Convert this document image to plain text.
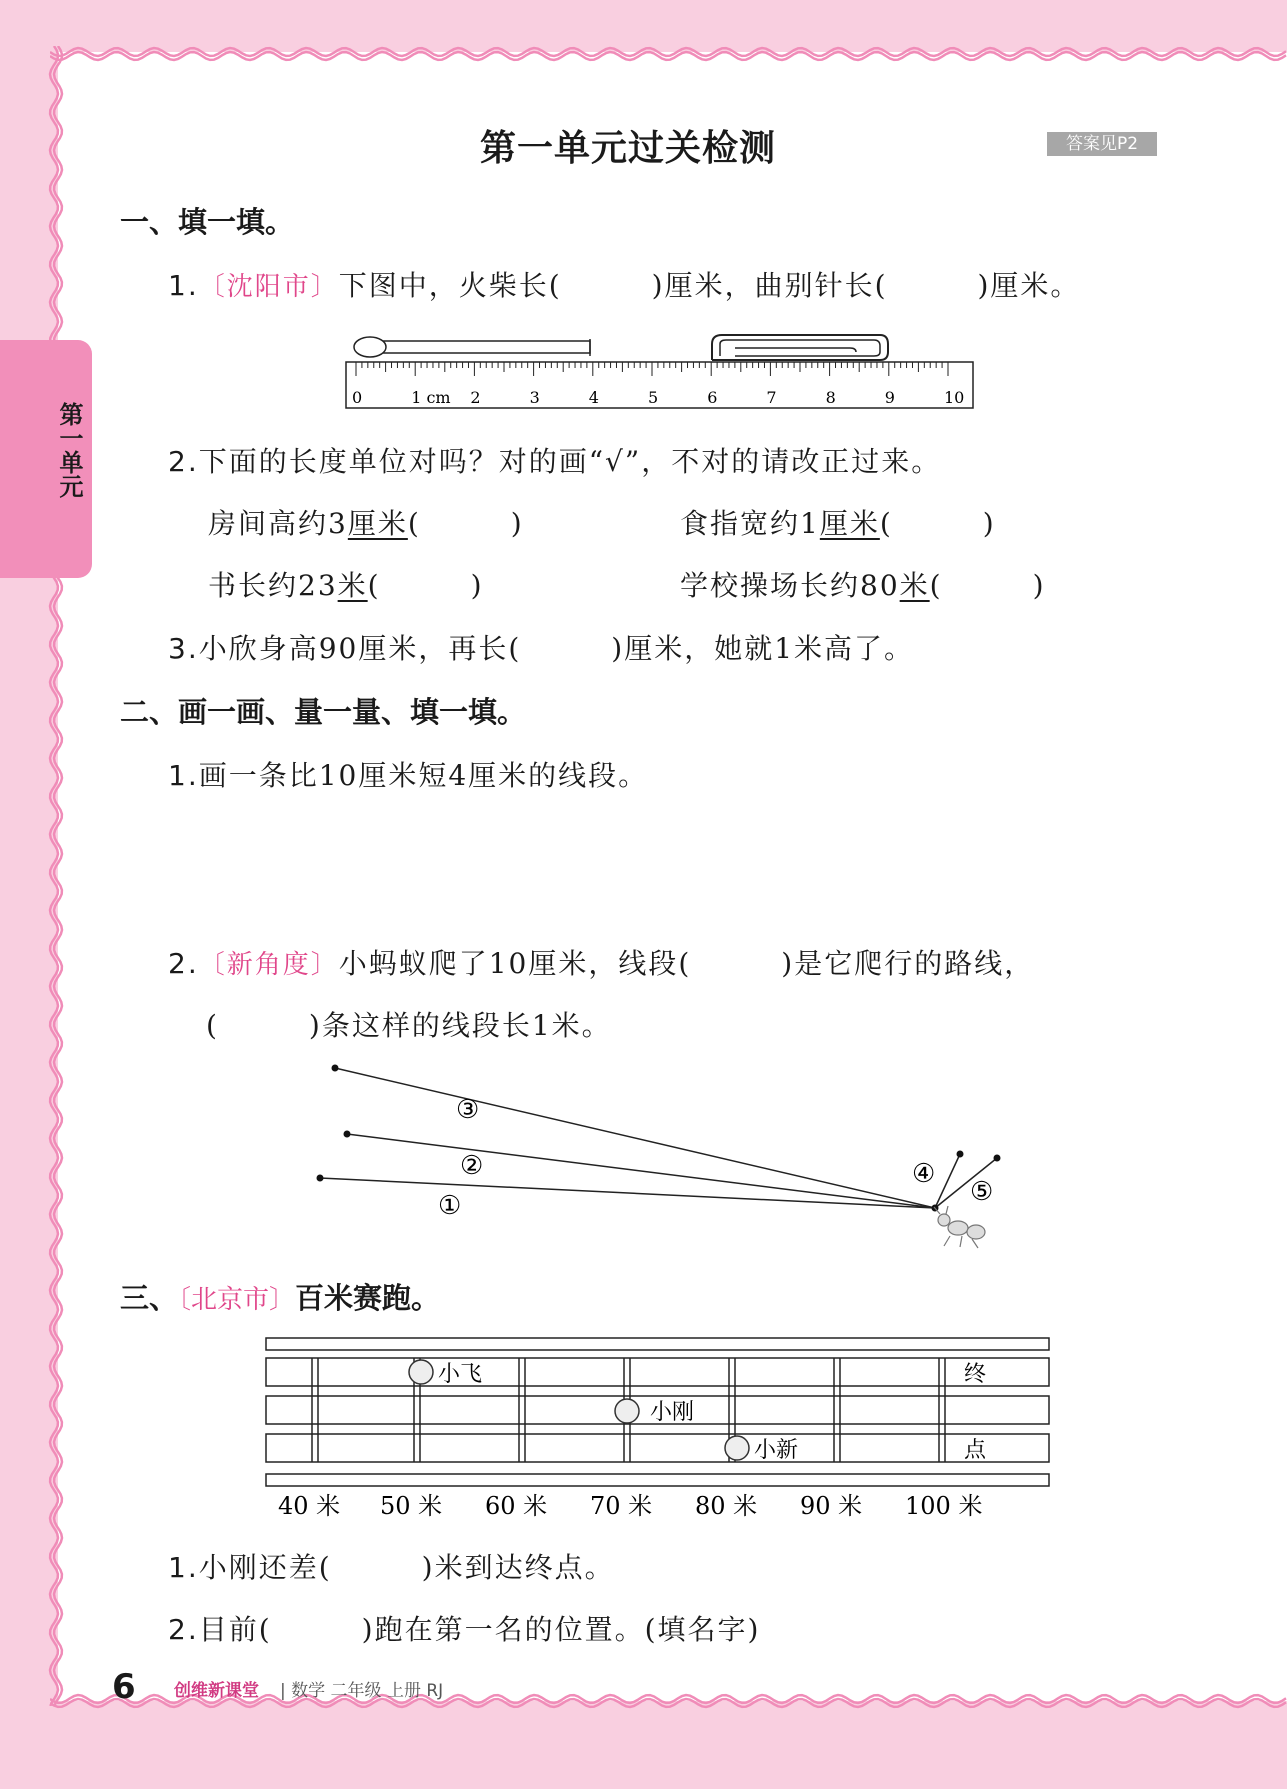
第一单元
第一单元过关检测	答案见P2
一、填一填。
1.〔沈阳市〕下图中，火柴长(　　　)厘米，曲别针长(　　　)厘米。
0	1 cm 2	3	4	5	6	7	8	9	10
2.下面的长度单位对吗？对的画“√”，不对的请改正过来。
房间高约3厘米(　　　)	食指宽约1厘米(　　　)
书长约23米(　　　)	学校操场长约80米(　　　)
3.小欣身高90厘米，再长(　　　)厘米，她就1米高了。
二、画一画、量一量、填一填。
1.画一条比10厘米短4厘米的线段。
2.〔新角度〕小蚂蚁爬了10厘米，线段(　　　)是它爬行的路线，
(　　　)条这样的线段长1米。
③
②
①
④
⑤
三、〔北京市〕百米赛跑。
小飞
小刚
小新
终
点
40 米 50 米 60 米 70 米 80 米 90 米 100 米
1.小刚还差(　　　)米到达终点。
2.目前(　　　)跑在第一名的位置。(填名字)
6 创维新课堂 | 数学 二年级 上册 RJ
